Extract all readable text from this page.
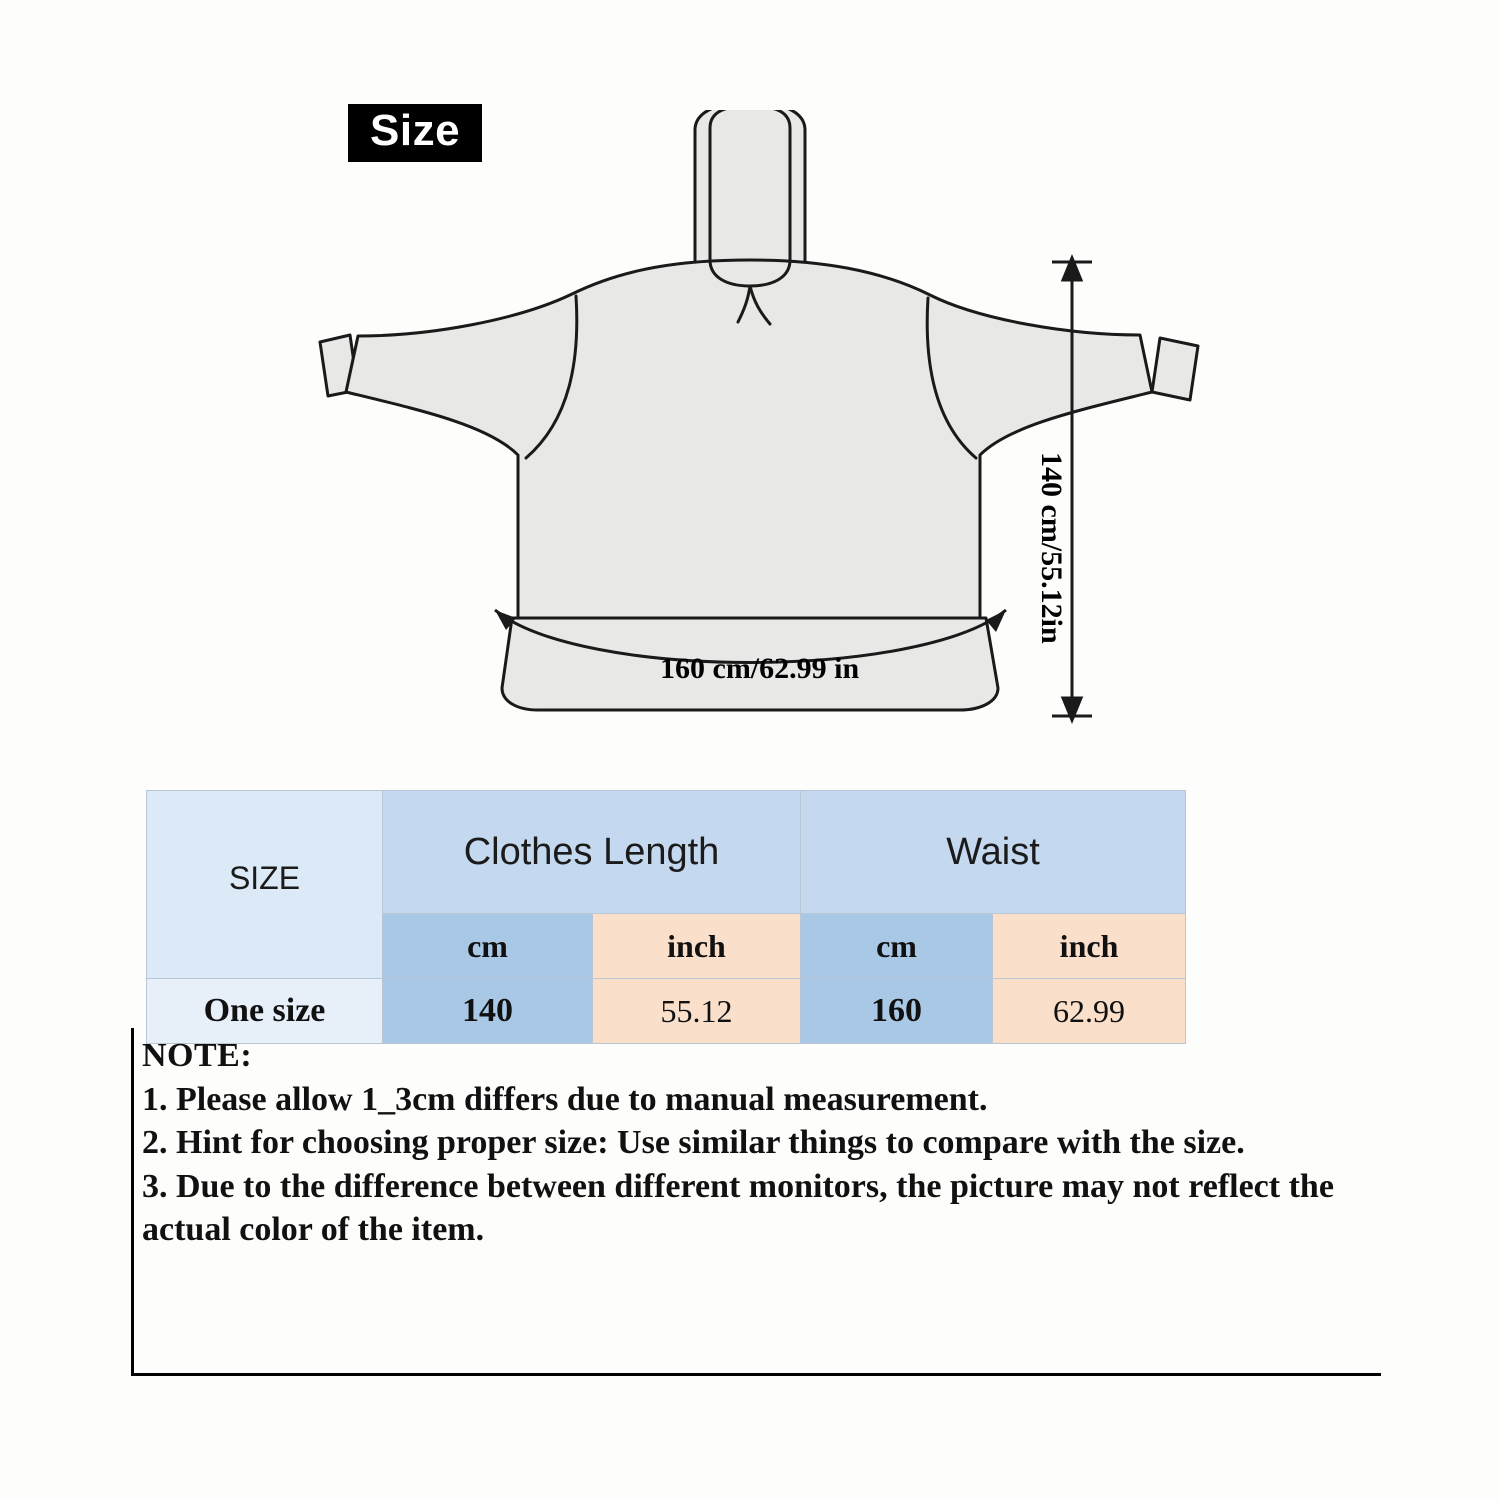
Size
160 cm/62.99 in
140 cm/55.12in
SIZE	Clothes Length		Waist	
	cm	inch	cm	inch
One size	140	55.12	160	62.99

NOTE:

1. Please allow 1_3cm differs due to manual measurement.

2. Hint for choosing proper size: Use similar things to compare with the size.

3. Due to the difference between different monitors, the picture may not reflect the actual color of the item.
